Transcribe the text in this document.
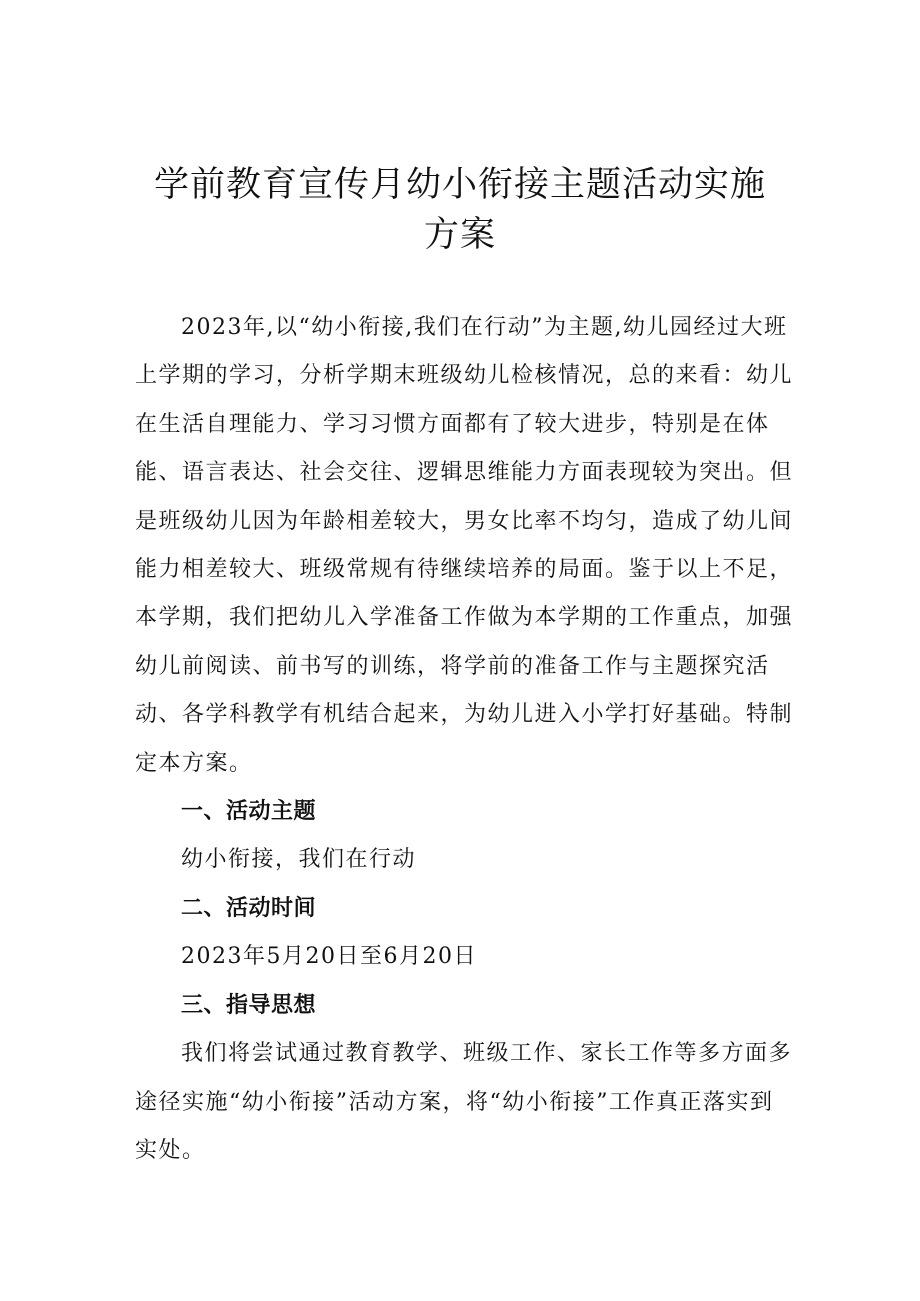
学前教育宣传月幼小衔接主题活动实施方案

2023年,以“幼小衔接,我们在行动”为主题,幼儿园经过大班上学期的学习，分析学期末班级幼儿检核情况，总的来看：幼儿在生活自理能力、学习习惯方面都有了较大进步，特别是在体能、语言表达、社会交往、逻辑思维能力方面表现较为突出。但是班级幼儿因为年龄相差较大，男女比率不均匀，造成了幼儿间能力相差较大、班级常规有待继续培养的局面。鉴于以上不足，本学期，我们把幼儿入学准备工作做为本学期的工作重点，加强幼儿前阅读、前书写的训练，将学前的准备工作与主题探究活动、各学科教学有机结合起来，为幼儿进入小学打好基础。特制定本方案。

一、活动主题

幼小衔接，我们在行动

二、活动时间

2023年5月20日至6月20日

三、指导思想

我们将尝试通过教育教学、班级工作、家长工作等多方面多途径实施“幼小衔接”活动方案，将“幼小衔接”工作真正落实到实处。
